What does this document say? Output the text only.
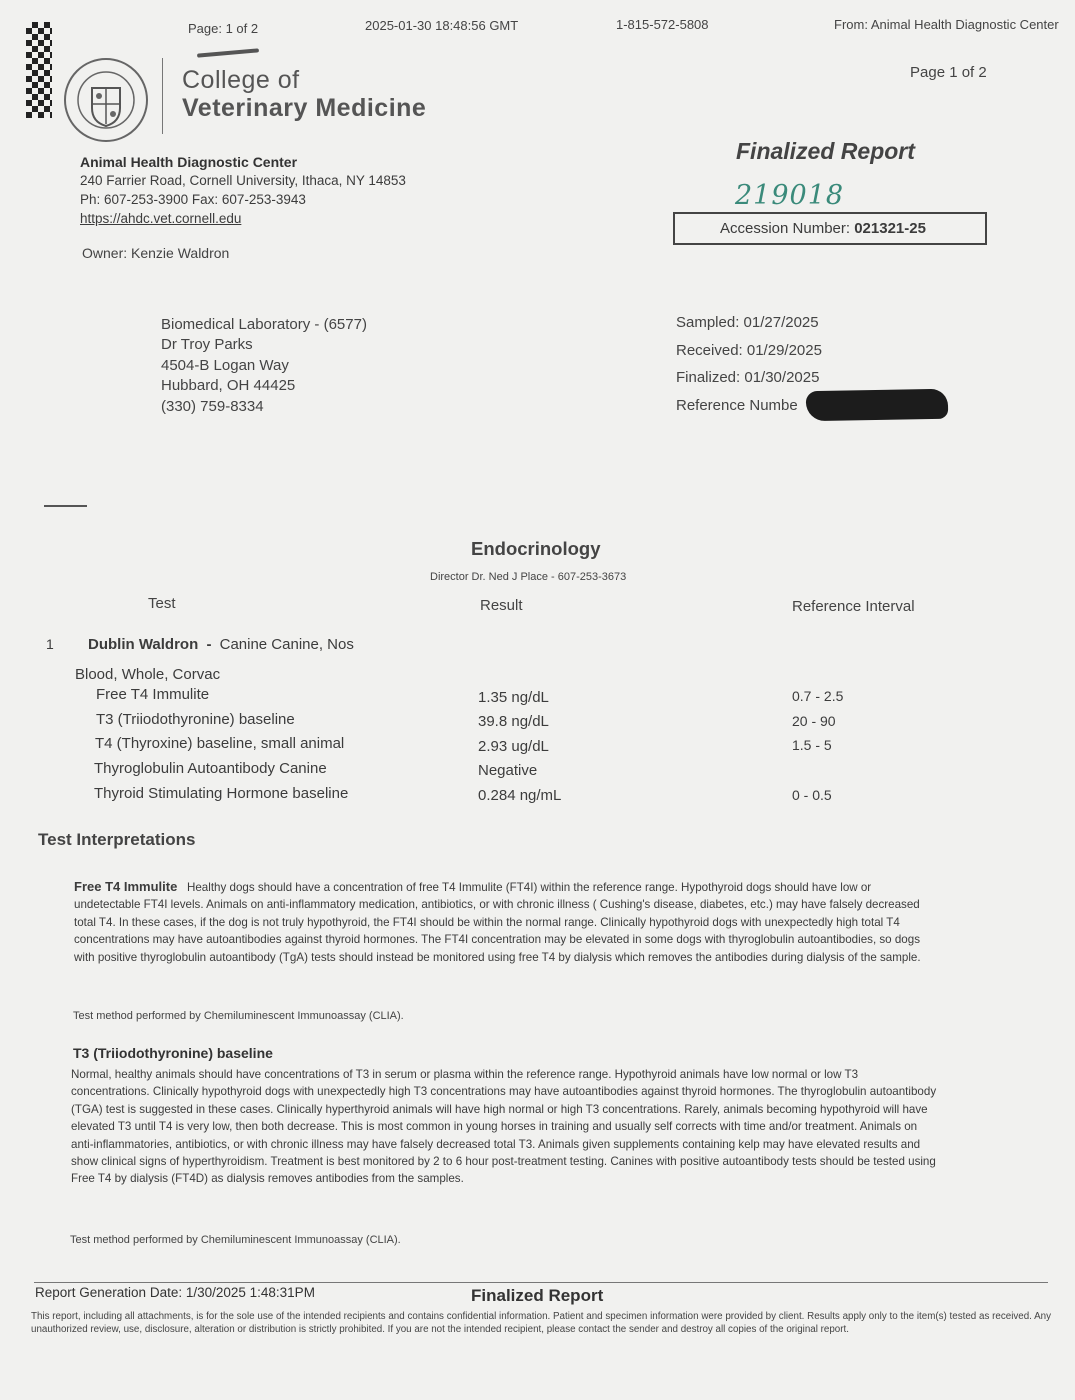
Page: 1 of 2	2025-01-30 18:48:56 GMT	1-815-572-5808	From: Animal Health Diagnostic Center
College of
Veterinary Medicine
Page 1 of 2
Animal Health Diagnostic Center
240 Farrier Road, Cornell University, Ithaca, NY 14853
Ph: 607-253-3900 Fax: 607-253-3943
https://ahdc.vet.cornell.edu
Owner: Kenzie Waldron
Finalized Report
219018
Accession Number: 021321-25
Biomedical Laboratory - (6577)
Dr Troy Parks
4504-B Logan Way
Hubbard, OH 44425
(330) 759-8334
Sampled: 01/27/2025
Received: 01/29/2025
Finalized: 01/30/2025
Reference Numbe
Endocrinology
Director Dr. Ned J Place - 607-253-3673
Test	Result	Reference Interval
1 Dublin Waldron - Canine Canine, Nos
Blood, Whole, Corvac
Free T4 Immulite	1.35 ng/dL	0.7 - 2.5
T3 (Triiodothyronine) baseline	39.8 ng/dL	20 - 90
T4 (Thyroxine) baseline, small animal	2.93 ug/dL	1.5 - 5
Thyroglobulin Autoantibody Canine	Negative
Thyroid Stimulating Hormone baseline	0.284 ng/mL	0 - 0.5
Test Interpretations
Free T4 Immulite Healthy dogs should have a concentration of free T4 Immulite (FT4I) within the reference range. Hypothyroid dogs should have low or undetectable FT4I levels. Animals on anti-inflammatory medication, antibiotics, or with chronic illness ( Cushing's disease, diabetes, etc.) may have falsely decreased total T4. In these cases, if the dog is not truly hypothyroid, the FT4I should be within the normal range. Clinically hypothyroid dogs with unexpectedly high total T4 concentrations may have autoantibodies against thyroid hormones. The FT4I concentration may be elevated in some dogs with thyroglobulin autoantibodies, so dogs with positive thyroglobulin autoantibody (TgA) tests should instead be monitored using free T4 by dialysis which removes the antibodies during dialysis of the sample.
Test method performed by Chemiluminescent Immunoassay (CLIA).
T3 (Triiodothyronine) baseline
Normal, healthy animals should have concentrations of T3 in serum or plasma within the reference range. Hypothyroid animals have low normal or low T3 concentrations. Clinically hypothyroid dogs with unexpectedly high T3 concentrations may have autoantibodies against thyroid hormones. The thyroglobulin autoantibody (TGA) test is suggested in these cases. Clinically hyperthyroid animals will have high normal or high T3 concentrations. Rarely, animals becoming hypothyroid will have elevated T3 until T4 is very low, then both decrease. This is most common in young horses in training and usually self corrects with time and/or treatment. Animals on anti-inflammatories, antibiotics, or with chronic illness may have falsely decreased total T3. Animals given supplements containing kelp may have elevated results and show clinical signs of hyperthyroidism. Treatment is best monitored by 2 to 6 hour post-treatment testing. Canines with positive autoantibody tests should be tested using Free T4 by dialysis (FT4D) as dialysis removes antibodies from the samples.
Test method performed by Chemiluminescent Immunoassay (CLIA).
Report Generation Date: 1/30/2025 1:48:31PM	Finalized Report
This report, including all attachments, is for the sole use of the intended recipients and contains confidential information. Patient and specimen information were provided by client. Results apply only to the item(s) tested as received. Any unauthorized review, use, disclosure, alteration or distribution is strictly prohibited. If you are not the intended recipient, please contact the sender and destroy all copies of the original report.
